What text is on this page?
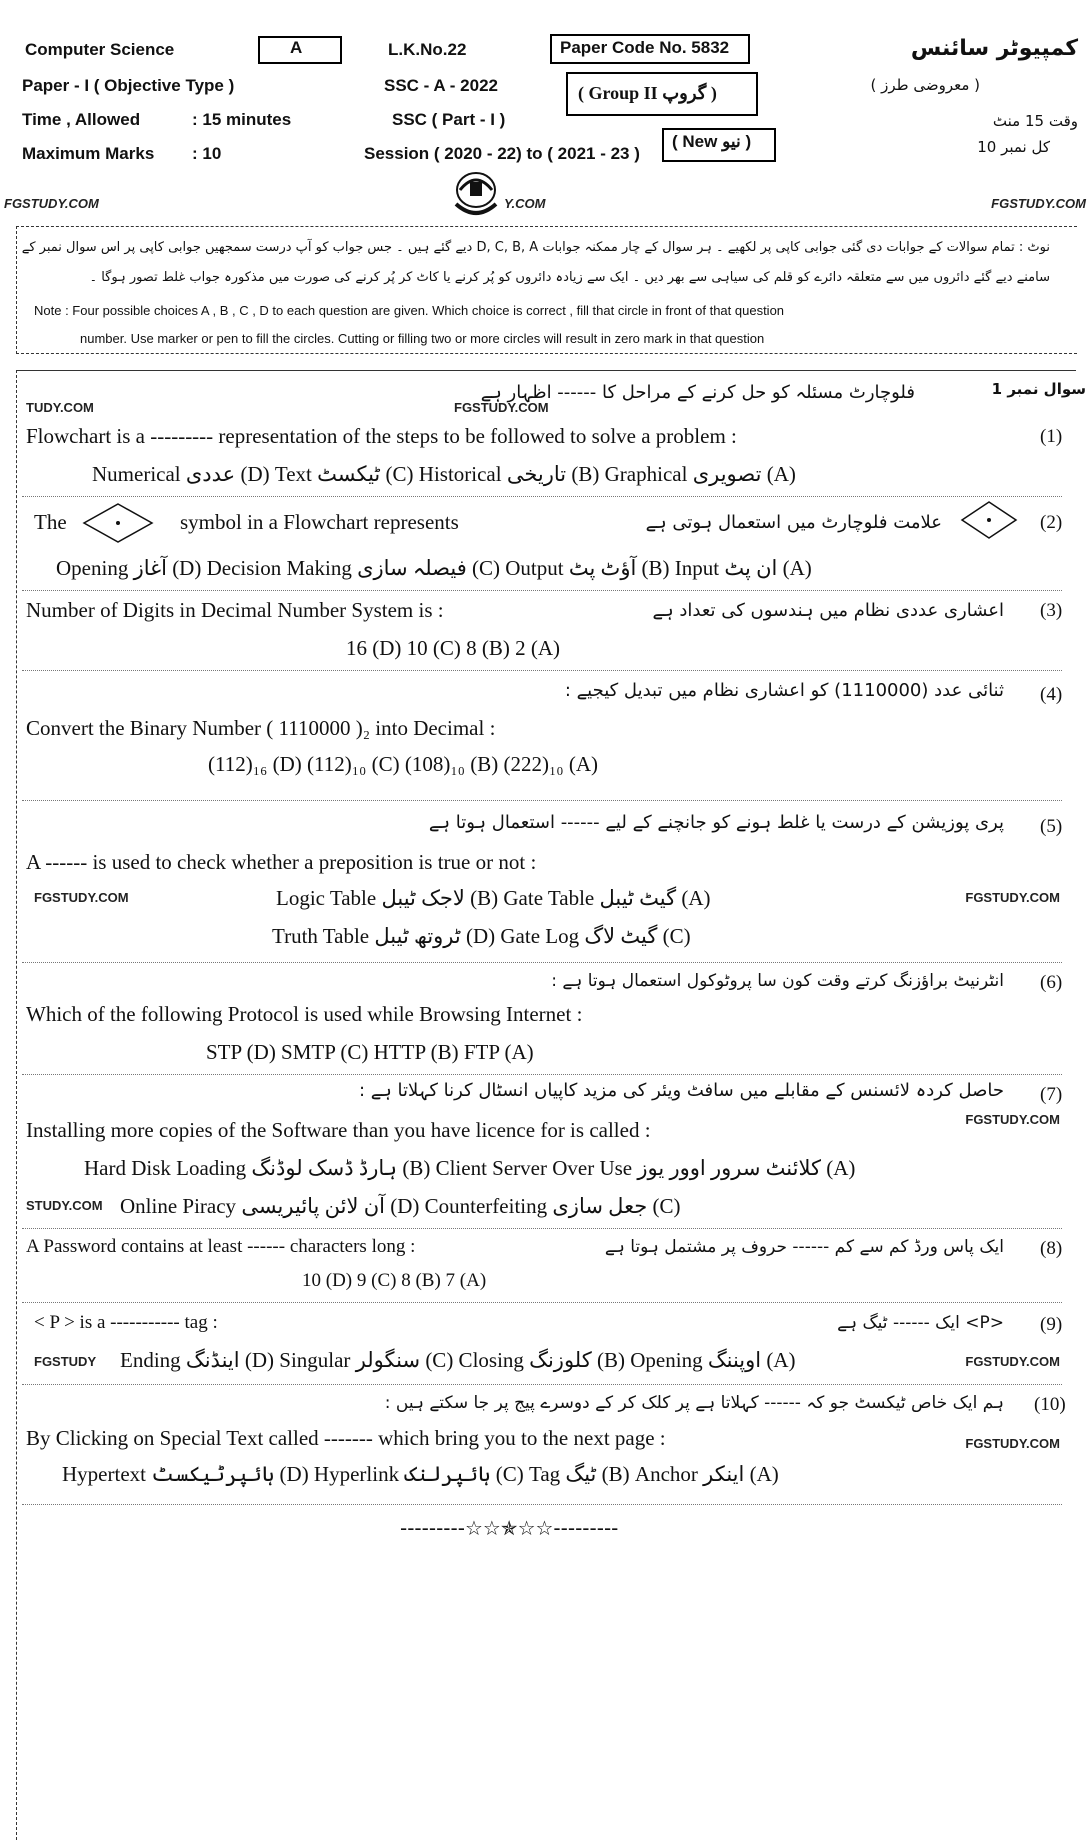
Computer Science
Paper - I ( Objective Type )
Time , Allowed	: 15 minutes
Maximum Marks : 10
A	L.K.No.22
SSC - A - 2022
SSC ( Part - I )
Session ( 2020 - 22) to ( 2021 - 23 )
Paper Code No. 5832
( Group II گروپ )
( New نیو )
کمپیوٹر سائنس
( معروضی طرز )
وقت 15 منٹ
کل نمبر 10
FGSTUDY.COM	Y.COM	FGSTUDY.COM
نوٹ : تمام سوالات کے جوابات دی گئی جوابی کاپی پر لکھیے ۔ ہر سوال کے چار ممکنہ جوابات D, C, B, A دیے گئے ہیں ۔ جس جواب کو آپ درست سمجھیں جوابی کاپی پر اس سوال نمبر کے
سامنے دیے گئے دائروں میں سے متعلقہ دائرے کو قلم کی سیاہی سے بھر دیں ۔ ایک سے زیادہ دائروں کو پُر کرنے یا کاٹ کر پُر کرنے کی صورت میں مذکورہ جواب غلط تصور ہوگا ۔
Note : Four possible choices A , B , C , D to each question are given. Which choice is correct , fill that circle in front of that question
number. Use marker or pen to fill the circles. Cutting or filling two or more circles will result in zero mark in that question
سوال نمبر 1
فلوچارٹ مسئلہ کو حل کرنے کے مراحل کا ------ اظہار ہے
TUDY.COM	FGSTUDY.COM
Flowchart is a --------- representation of the steps to be followed to solve a problem :	(1)
Numerical عددی (D) Text ٹیکسٹ (C) Historical تاریخی (B) Graphical تصویری (A)
The	symbol in a Flowchart represents	علامت فلوچارٹ میں استعمال ہوتی ہے	(2)
Opening آغاز (D) Decision Making فیصلہ سازی (C) Output آؤٹ پٹ (B) Input ان پٹ (A)
Number of Digits in Decimal Number System is :	اعشاری عددی نظام میں ہندسوں کی تعداد ہے (3)
16 (D) 10 (C) 8 (B) 2 (A)
ثنائی عدد (1110000) کو اعشاری نظام میں تبدیل کیجیے : (4)
Convert the Binary Number ( 1110000 )₂ into Decimal :
(112)₁₆ (D) (112)₁₀ (C) (108)₁₀ (B) (222)₁₀ (A)
پری پوزیشن کے درست یا غلط ہونے کو جانچنے کے لیے ------ استعمال ہوتا ہے (5)
A ------ is used to check whether a preposition is true or not :
FGSTUDY.COM	Logic Table لاجک ٹیبل (B) Gate Table گیٹ ٹیبل (A)	FGSTUDY.COM
Truth Table ٹروتھ ٹیبل (D) Gate Log گیٹ لاگ (C)
انٹرنیٹ براؤزنگ کرتے وقت کون سا پروٹوکول استعمال ہوتا ہے : (6)
Which of the following Protocol is used while Browsing Internet :
STP (D) SMTP (C) HTTP (B) FTP (A)
حاصل کردہ لائسنس کے مقابلے میں سافٹ ویئر کی مزید کاپیاں انسٹال کرنا کہلاتا ہے : (7)
FGSTUDY.COM
Installing more copies of the Software than you have licence for is called :
Hard Disk Loading ہارڈ ڈسک لوڈنگ (B) Client Server Over Use کلائنٹ سرور اوور یوز (A)
STUDY.COM Online Piracy آن لائن پائیریسی (D) Counterfeiting جعل سازی (C)
A Password contains at least ------ characters long :	ایک پاس ورڈ کم سے کم ------ حروف پر مشتمل ہوتا ہے (8)
10 (D) 9 (C) 8 (B) 7 (A)
< P > is a ----------- tag :	<P> ایک ------ ٹیگ ہے (9)
FGSTUDY Ending اینڈنگ (D) Singular سنگولر (C) Closing کلوزنگ (B) Opening اوپننگ (A)	FGSTUDY.COM
ہم ایک خاص ٹیکسٹ جو کہ ------ کہلاتا ہے پر کلک کر کے دوسرے پیج پر جا سکتے ہیں : (10)
By Clicking on Special Text called ------- which bring you to the next page :	FGSTUDY.COM
Hypertext ہائپرٹیکسٹ (D) Hyperlink ہائپرلنک (C) Tag ٹیگ (B) Anchor اینکر (A)
---------☆☆✯☆☆---------
